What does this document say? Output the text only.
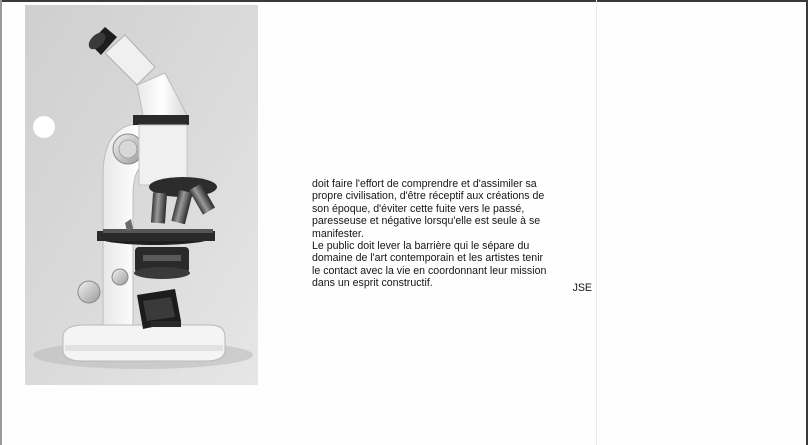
doit faire l'effort de comprendre et d'assimiler sa
propre civilisation, d'être réceptif aux créations de
son époque, d'éviter cette fuite vers le passé,
paresseuse et négative lorsqu'elle est seule à se
manifester.
Le public doit lever la barrière qui le sépare du
domaine de l'art contemporain et les artistes tenir
le contact avec la vie en coordonnant leur mission
dans un esprit constructif.	JSE
